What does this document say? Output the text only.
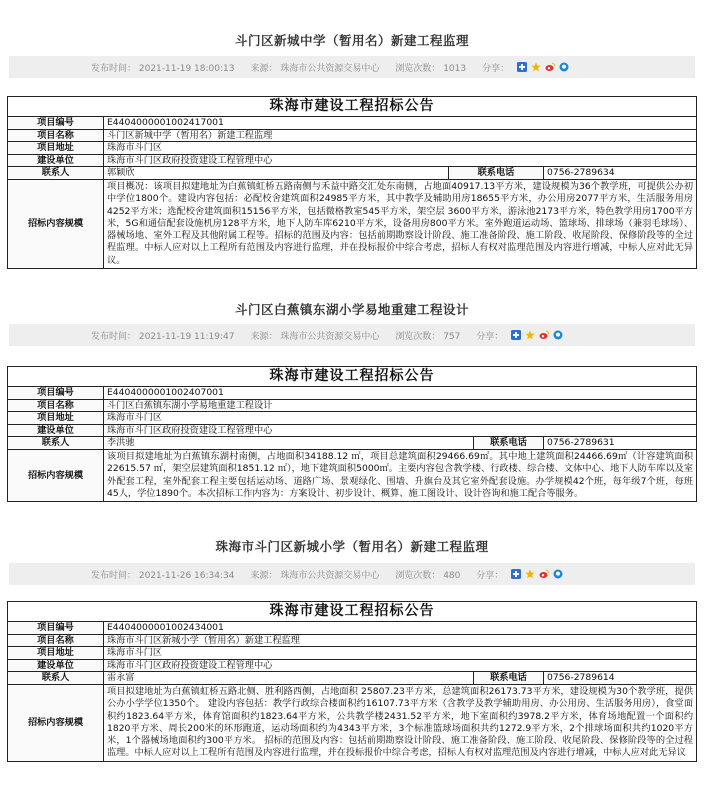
斗门区新城中学（暂用名）新建工程监理
发布时间： 2021-11-19 18:00:13 来源： 珠海市公共资源交易中心 浏览次数： 1013 分享：
珠海市建设工程招标公告			
项目编号	E4404000001002417001		
项目名称	斗门区新城中学（暂用名）新建工程监理		
项目地址	珠海市斗门区		
建设单位	珠海市斗门区政府投资建设工程管理中心		
联系人	郭颖欣	联系电话	0756-2789634
招标内容规模	项目概况：该项目拟建地址为白蕉镇虹桥五路南侧与禾益中路交汇处东南侧，占地面40917.13平方米，建设规模为36个教学班，可提供公办初中学位1800个。建设内容包括：必配校舍建筑面积24985平方米，其中教学及辅助用房18655平方米，办公用房2077平方米，生活服务用房4252平方米；选配校舍建筑面积15156平方米，包括微格教室545平方米，架空层 3600平方米，游泳池2173平方米，特色教学用房1700平方米，5G和通信配套设施机房128平方米，地下人防车库6210平方米，设备用房800平方米。室外跑道运动场、篮球场、排球场（兼羽毛球场）、器械场地、室外工程及其他附属工程等。招标的范围及内容：包括前期勘察设计阶段、施工准备阶段、施工阶段、收尾阶段、保修阶段等的全过程监理。中标人应对以上工程所有范围及内容进行监理，并在投标报价中综合考虑，招标人有权对监理范围及内容进行增减，中标人应对此无异议。		
斗门区白蕉镇东湖小学易地重建工程设计
发布时间： 2021-11-19 11:19:47 来源： 珠海市公共资源交易中心 浏览次数： 757 分享：
珠海市建设工程招标公告			
项目编号	E4404000001002407001		
项目名称	斗门区白蕉镇东湖小学易地重建工程设计		
项目地址	珠海市斗门区		
建设单位	珠海市斗门区政府投资建设工程管理中心		
联系人	李洪驰	联系电话	0756-2789631
招标内容规模	该项目拟建地址为白蕉镇东湖村南侧，占地面积34188.12 ㎡，项目总建筑面积29466.69㎡。其中地上建筑面积24466.69㎡（计容建筑面积22615.57 ㎡，架空层建筑面积1851.12 ㎡），地下建筑面积5000㎡。主要内容包含教学楼、行政楼、综合楼、文体中心、地下人防车库以及室外配套工程，室外配套工程主要包括运动场、道路广场、景观绿化、围墙、升旗台及其它室外配套设施。办学规模42个班，每年级7个班，每班45人，学位1890个。本次招标工作内容为：方案设计、初步设计、概算、施工图设计、设计咨询和施工配合等服务。		
珠海市斗门区新城小学（暂用名）新建工程监理
发布时间： 2021-11-26 16:34:34 来源： 珠海市公共资源交易中心 浏览次数： 480 分享：
珠海市建设工程招标公告			
项目编号	E4404000001002434001		
项目名称	珠海市斗门区新城小学（暂用名）新建工程监理		
项目地址	珠海市斗门区		
建设单位	珠海市斗门区政府投资建设工程管理中心		
联系人	雷永富	联系电话	0756-2789614
招标内容规模	项目拟建地址为白蕉镇虹桥五路北侧、胜利路西侧，占地面积 25807.23平方米，总建筑面积26173.73平方米，建设规模为30个教学班，提供公办小学学位1350个。 建设内容包括：教学行政综合楼面积约16107.73平方米（含教学及教学辅助用房、办公用房、生活服务用房），食堂面积约1823.64平方米，体育馆面积约1823.64平方米，公共教学楼2431.52平方米，地下室面积约3978.2平方米，体育场地配置一个面积约1820平方米、周长200米的环形跑道，运动场面积约为4343平方米，3个标准篮球场面积共约1272.9平方米，2个排球场面积共约1020平方米，1个器械场地面积约300平方米。 招标的范围及内容：包括前期勘察设计阶段、施工准备阶段、施工阶段、收尾阶段、保修阶段等的全过程监理。中标人应对以上工程所有范围及内容进行监理，并在投标报价中综合考虑，招标人有权对监理范围及内容进行增减，中标人应对此无异议		
